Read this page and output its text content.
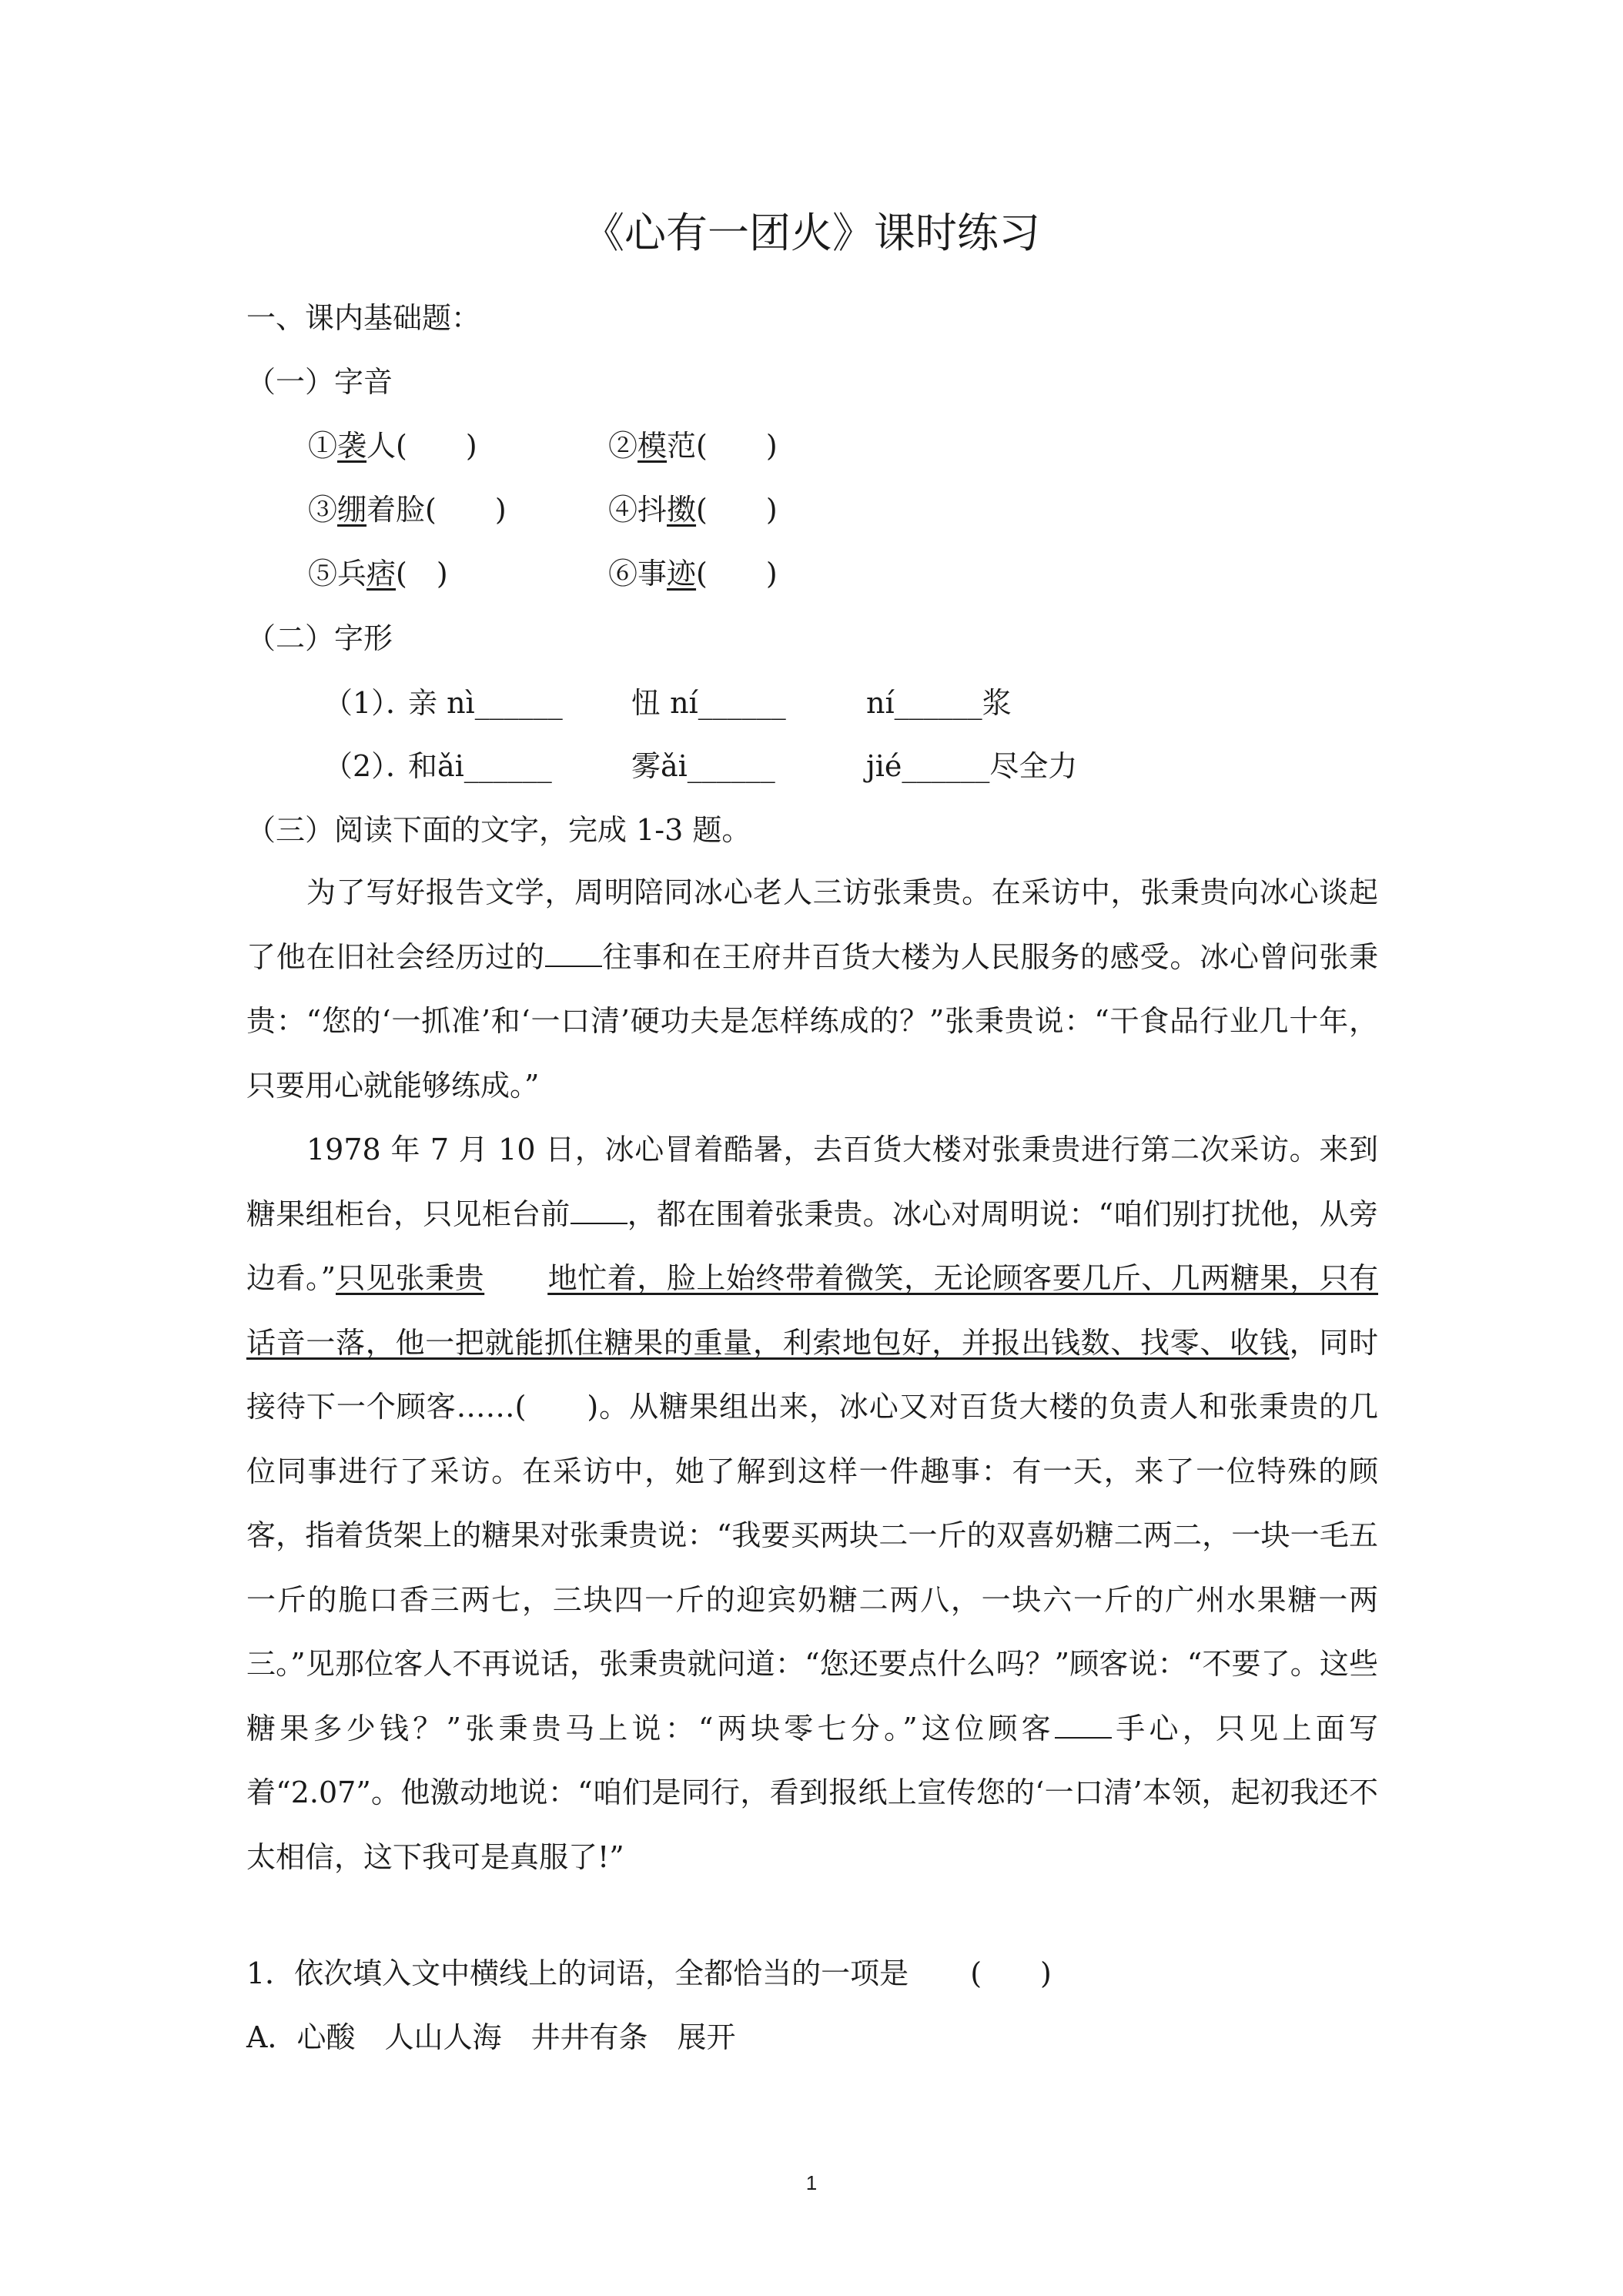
《心有一团火》课时练习
一、课内基础题：
（一）字音
①袭人(　　)	②模范(　　)
③绷着脸(　　)	④抖擞(　　)
⑤兵痞(　)	⑥事迹(　　)
（二）字形
（1）．
亲 nì______ 忸 ní______	ní______浆
（2）．
和ǎi______	雾ǎi______	jié______尽全力
（三）阅读下面的文字，完成 1-3 题。
为了写好报告文学，周明陪同冰心老人三访张秉贵。在采访中，张秉贵向冰心谈起了他在旧社会经历过的 往事和在王府井百货大楼为人民服务的感受。冰心曾问张秉贵：“您的‘一抓准’和‘一口清’硬功夫是怎样练成的？”张秉贵说：“干食品行业几十年，只要用心就能够练成。”
1978 年 7 月 10 日，冰心冒着酷暑，去百货大楼对张秉贵进行第二次采访。来到糖果组柜台，只见柜台前 ，都在围着张秉贵。冰心对周明说：“咱们别打扰他，从旁边看。”只见张秉贵 地忙着，脸上始终带着微笑，无论顾客要几斤、几两糖果，只有话音一落，他一把就能抓住糖果的重量，利索地包好，并报出钱数、找零、收钱，同时接待下一个顾客……(　　)。从糖果组出来，冰心又对百货大楼的负责人和张秉贵的几位同事进行了采访。在采访中，她了解到这样一件趣事：有一天，来了一位特殊的顾客，指着货架上的糖果对张秉贵说：“我要买两块二一斤的双喜奶糖二两二，一块一毛五一斤的脆口香三两七，三块四一斤的迎宾奶糖二两八，一块六一斤的广州水果糖一两三。”见那位客人不再说话，张秉贵就问道：“您还要点什么吗？”顾客说：“不要了。这些糖果多少钱？”张秉贵马上说：“两块零七分。”这位顾客 手心，只见上面写着“2.07”。他激动地说：“咱们是同行，看到报纸上宣传您的‘一口清’本领，起初我还不太相信，这下我可是真服了!”
1．依次填入文中横线上的词语，全都恰当的一项是 (　　)
A．心酸　人山人海　井井有条　展开
1
